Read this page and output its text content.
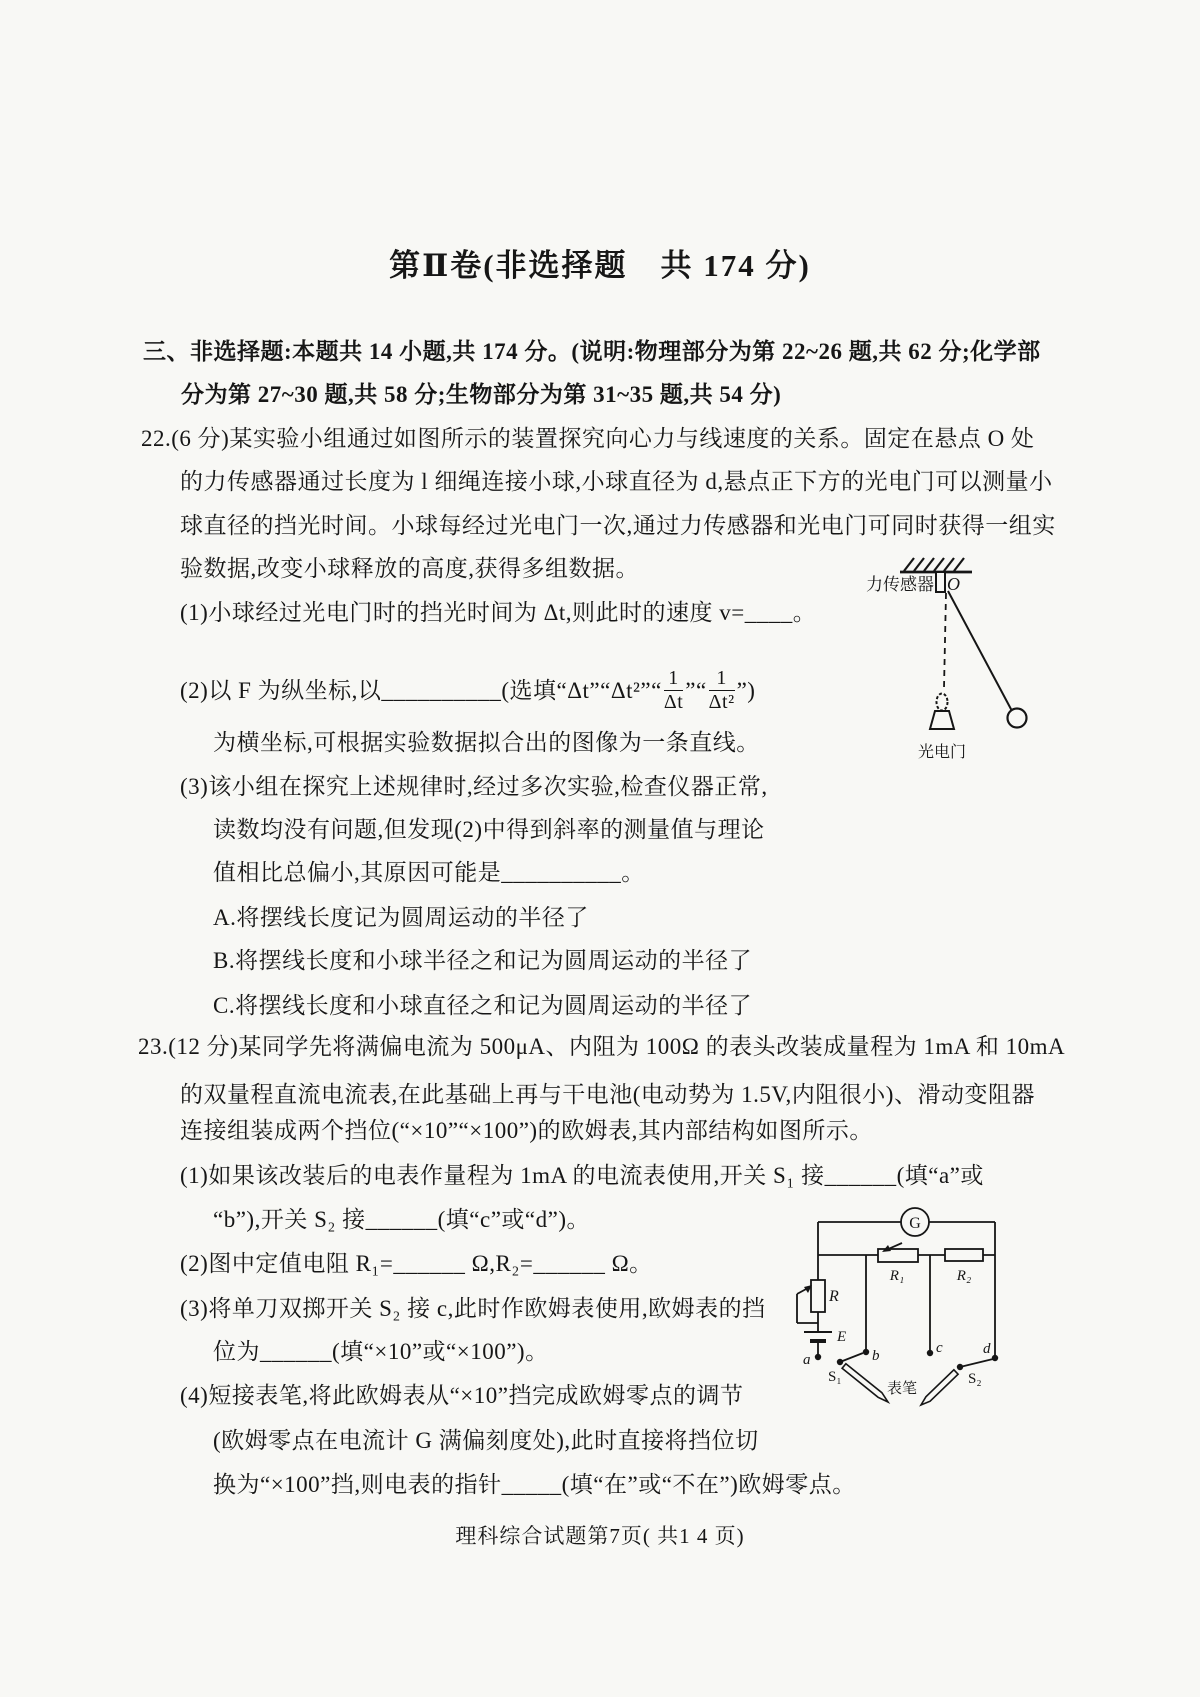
第Ⅱ卷(非选择题　共 174 分)
三、非选择题:本题共 14 小题,共 174 分。(说明:物理部分为第 22~26 题,共 62 分;化学部
分为第 27~30 题,共 58 分;生物部分为第 31~35 题,共 54 分)
22.(6 分)某实验小组通过如图所示的装置探究向心力与线速度的关系。固定在悬点 O 处
的力传感器通过长度为 l 细绳连接小球,小球直径为 d,悬点正下方的光电门可以测量小
球直径的挡光时间。小球每经过光电门一次,通过力传感器和光电门可同时获得一组实
验数据,改变小球释放的高度,获得多组数据。
(1)小球经过光电门时的挡光时间为 Δt,则此时的速度 v=____。
(2)以 F 为纵坐标,以__________(选填“Δt”“Δt²”“ $\frac{1}{\Delta t}$ ”“ $\frac{1}{\text{Δt²}}$ ”)
为横坐标,可根据实验数据拟合出的图像为一条直线。
(3)该小组在探究上述规律时,经过多次实验,检查仪器正常,
读数均没有问题,但发现(2)中得到斜率的测量值与理论
值相比总偏小,其原因可能是__________。
A.将摆线长度记为圆周运动的半径了
B.将摆线长度和小球半径之和记为圆周运动的半径了
C.将摆线长度和小球直径之和记为圆周运动的半径了
力传感器 O
光电门
23.(12 分)某同学先将满偏电流为 500μA、内阻为 100Ω 的表头改装成量程为 1mA 和 10mA
的双量程直流电流表,在此基础上再与干电池(电动势为 1.5V,内阻很小)、滑动变阻器
连接组装成两个挡位(“×10”“×100”)的欧姆表,其内部结构如图所示。
(1)如果该改装后的电表作量程为 1mA 的电流表使用,开关 S₁ 接______(填“a”或
“b”),开关 S₂ 接______(填“c”或“d”)。
(2)图中定值电阻 R₁=______ Ω,R₂=______ Ω。
(3)将单刀双掷开关 S₂ 接 c,此时作欧姆表使用,欧姆表的挡
位为______(填“×10”或“×100”)。
(4)短接表笔,将此欧姆表从“×10”挡完成欧姆零点的调节
(欧姆零点在电流计 G 满偏刻度处),此时直接将挡位切
换为“×100”挡,则电表的指针_____(填“在”或“不在”)欧姆零点。
G
R
R₁	R₂
E
a	b	c	d
S₁	S₂
表笔
理科综合试题第7页( 共1 4 页)
